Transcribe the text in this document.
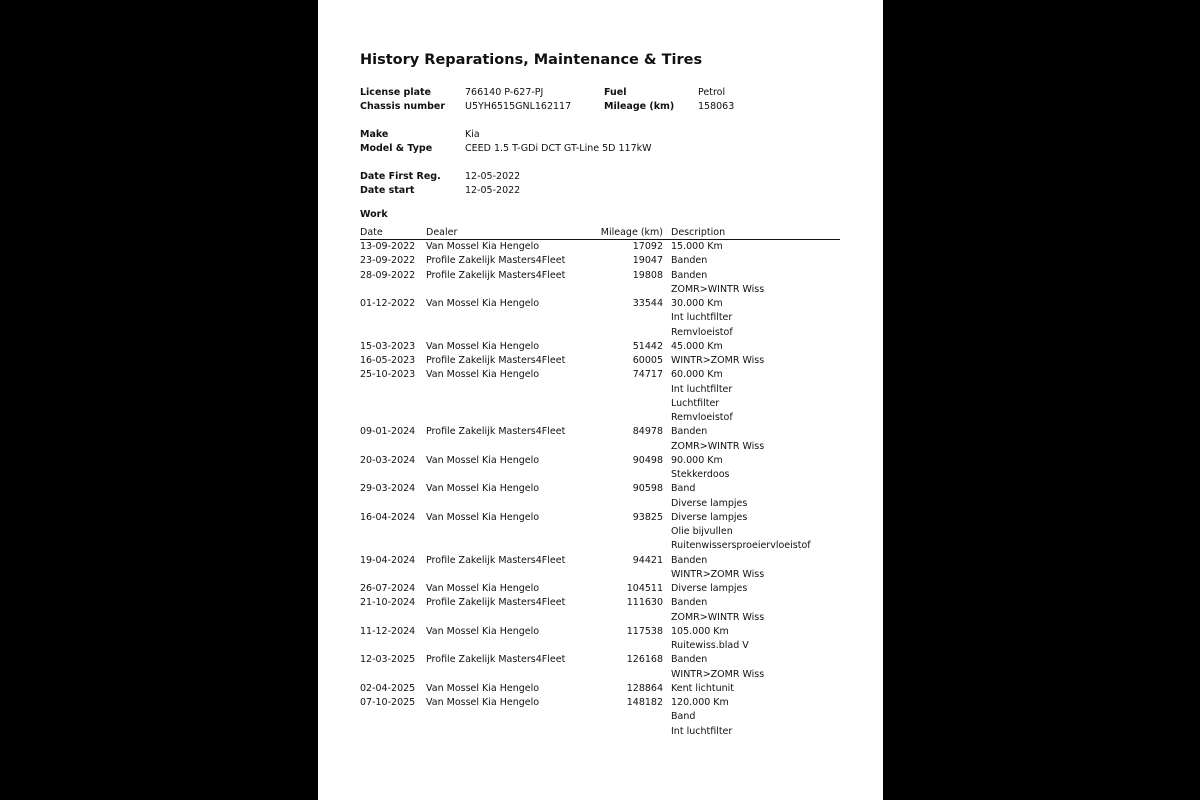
History Reparations, Maintenance & Tires
License plate	766140 P-627-PJ
Chassis number U5YH6515GNL162117
Fuel	Petrol
Mileage (km) 158063
Make	Kia
Model & Type	CEED 1.5 T-GDi DCT GT-Line 5D 117kW
Date First Reg.	12-05-2022
Date start	12-05-2022
Work
Date	Dealer	Mileage (km) Description
13-09-2022 Van Mossel Kia Hengelo	17092 15.000 Km
23-09-2022 Profile Zakelijk Masters4Fleet	19047 Banden
28-09-2022 Profile Zakelijk Masters4Fleet	19808 Banden
ZOMR>WINTR Wiss
01-12-2022 Van Mossel Kia Hengelo	33544 30.000 Km
Int luchtfilter
Remvloeistof
15-03-2023 Van Mossel Kia Hengelo	51442 45.000 Km
16-05-2023 Profile Zakelijk Masters4Fleet	60005 WINTR>ZOMR Wiss
25-10-2023 Van Mossel Kia Hengelo	74717 60.000 Km
Int luchtfilter
Luchtfilter
Remvloeistof
09-01-2024 Profile Zakelijk Masters4Fleet	84978 Banden
ZOMR>WINTR Wiss
20-03-2024 Van Mossel Kia Hengelo	90498 90.000 Km
Stekkerdoos
29-03-2024 Van Mossel Kia Hengelo	90598 Band
Diverse lampjes
16-04-2024 Van Mossel Kia Hengelo	93825 Diverse lampjes
Olie bijvullen
Ruitenwissersproeiervloeistof
19-04-2024 Profile Zakelijk Masters4Fleet	94421 Banden
WINTR>ZOMR Wiss
26-07-2024 Van Mossel Kia Hengelo	104511 Diverse lampjes
21-10-2024 Profile Zakelijk Masters4Fleet	111630 Banden
ZOMR>WINTR Wiss
11-12-2024 Van Mossel Kia Hengelo	117538 105.000 Km
Ruitewiss.blad V
12-03-2025 Profile Zakelijk Masters4Fleet	126168 Banden
WINTR>ZOMR Wiss
02-04-2025 Van Mossel Kia Hengelo	128864 Kent lichtunit
07-10-2025 Van Mossel Kia Hengelo	148182 120.000 Km
Band
Int luchtfilter
